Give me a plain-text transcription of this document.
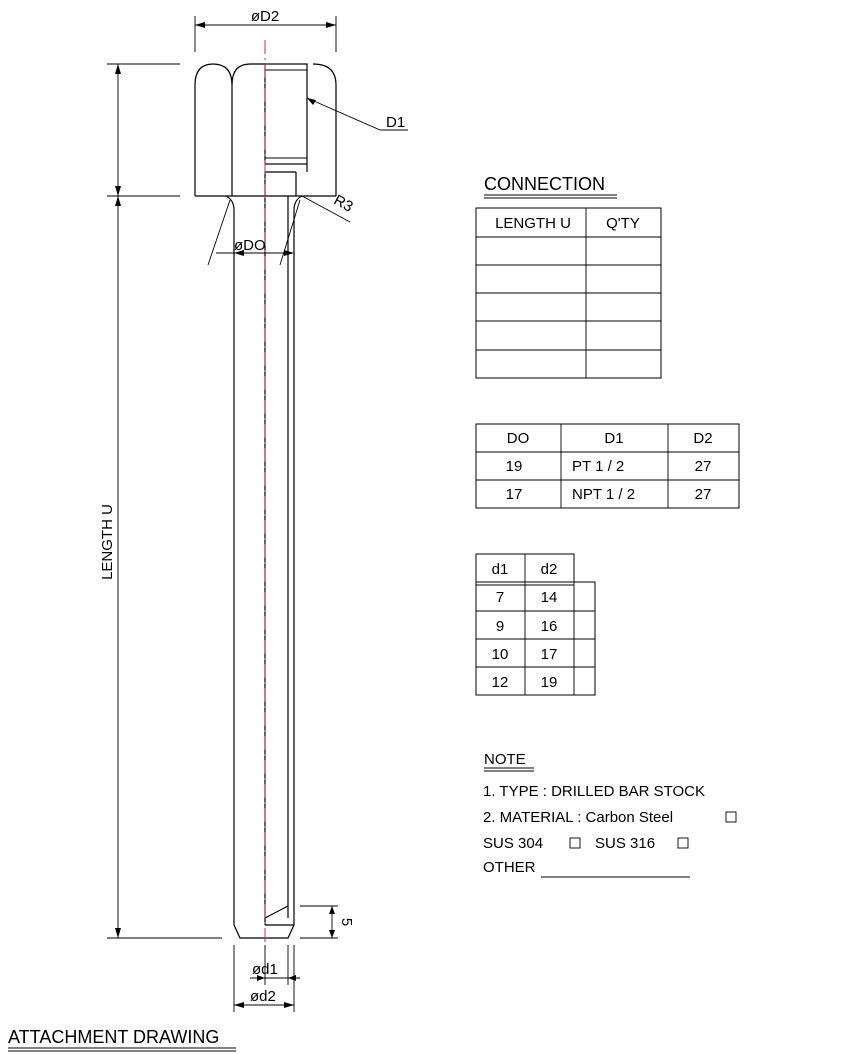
øD2
D1
R3
øDO
LENGTH U
5
ød1
ød2
ATTACHMENT DRAWING
CONNECTION
LENGTH U Q'TY
DO	D1	D2
19	PT 1 / 2	27
17	NPT 1 / 2	27
d1 d2
7 14
9 16
10 17
12 19
NOTE
1. TYPE : DRILLED BAR STOCK
2. MATERIAL : Carbon Steel
SUS 304	SUS 316
OTHER
